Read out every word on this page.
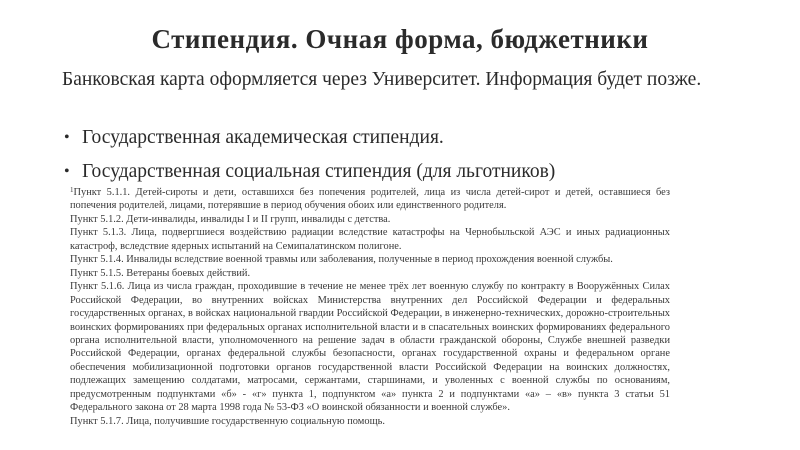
Стипендия. Очная форма, бюджетники
Банковская карта оформляется через Университет. Информация будет позже.
• Государственная академическая стипендия.
• Государственная социальная стипендия (для льготников)

$^1$Пункт 5.1.1. Детей-сироты и дети, оставшихся без попечения родителей, лица из числа детей-сирот и детей, оставшиеся без попечения родителей, лицами, потерявшие в период обучения обоих или единственного родителя.

Пункт 5.1.2. Дети-инвалиды, инвалиды I и II групп, инвалиды с детства.

Пункт 5.1.3. Лица, подвергшиеся воздействию радиации вследствие катастрофы на Чернобыльской АЭС и иных радиационных катастроф, вследствие ядерных испытаний на Семипалатинском полигоне.

Пункт 5.1.4. Инвалиды вследствие военной травмы или заболевания, полученные в период прохождения военной службы.

Пункт 5.1.5. Ветераны боевых действий.

Пункт 5.1.6. Лица из числа граждан, проходившие в течение не менее трёх лет военную службу по контракту в Вооружённых Силах Российской Федерации, во внутренних войсках Министерства внутренних дел Российской Федерации и федеральных государственных органах, в войсках национальной гвардии Российской Федерации, в инженерно-технических, дорожно-строительных воинских формированиях при федеральных органах исполнительной власти и в спасательных воинских формированиях федерального органа исполнительной власти, уполномоченного на решение задач в области гражданской обороны, Службе внешней разведки Российской Федерации, органах федеральной службы безопасности, органах государственной охраны и федеральном органе обеспечения мобилизационной подготовки органов государственной власти Российской Федерации на воинских должностях, подлежащих замещению солдатами, матросами, сержантами, старшинами, и уволенных с военной службы по основаниям, предусмотренным подпунктами «б» - «г» пункта 1, подпунктом «а» пункта 2 и подпунктами «а» – «в» пункта 3 статьи 51 Федерального закона от 28 марта 1998 года № 53-ФЗ «О воинской обязанности и военной службе».

Пункт 5.1.7. Лица, получившие государственную социальную помощь.
